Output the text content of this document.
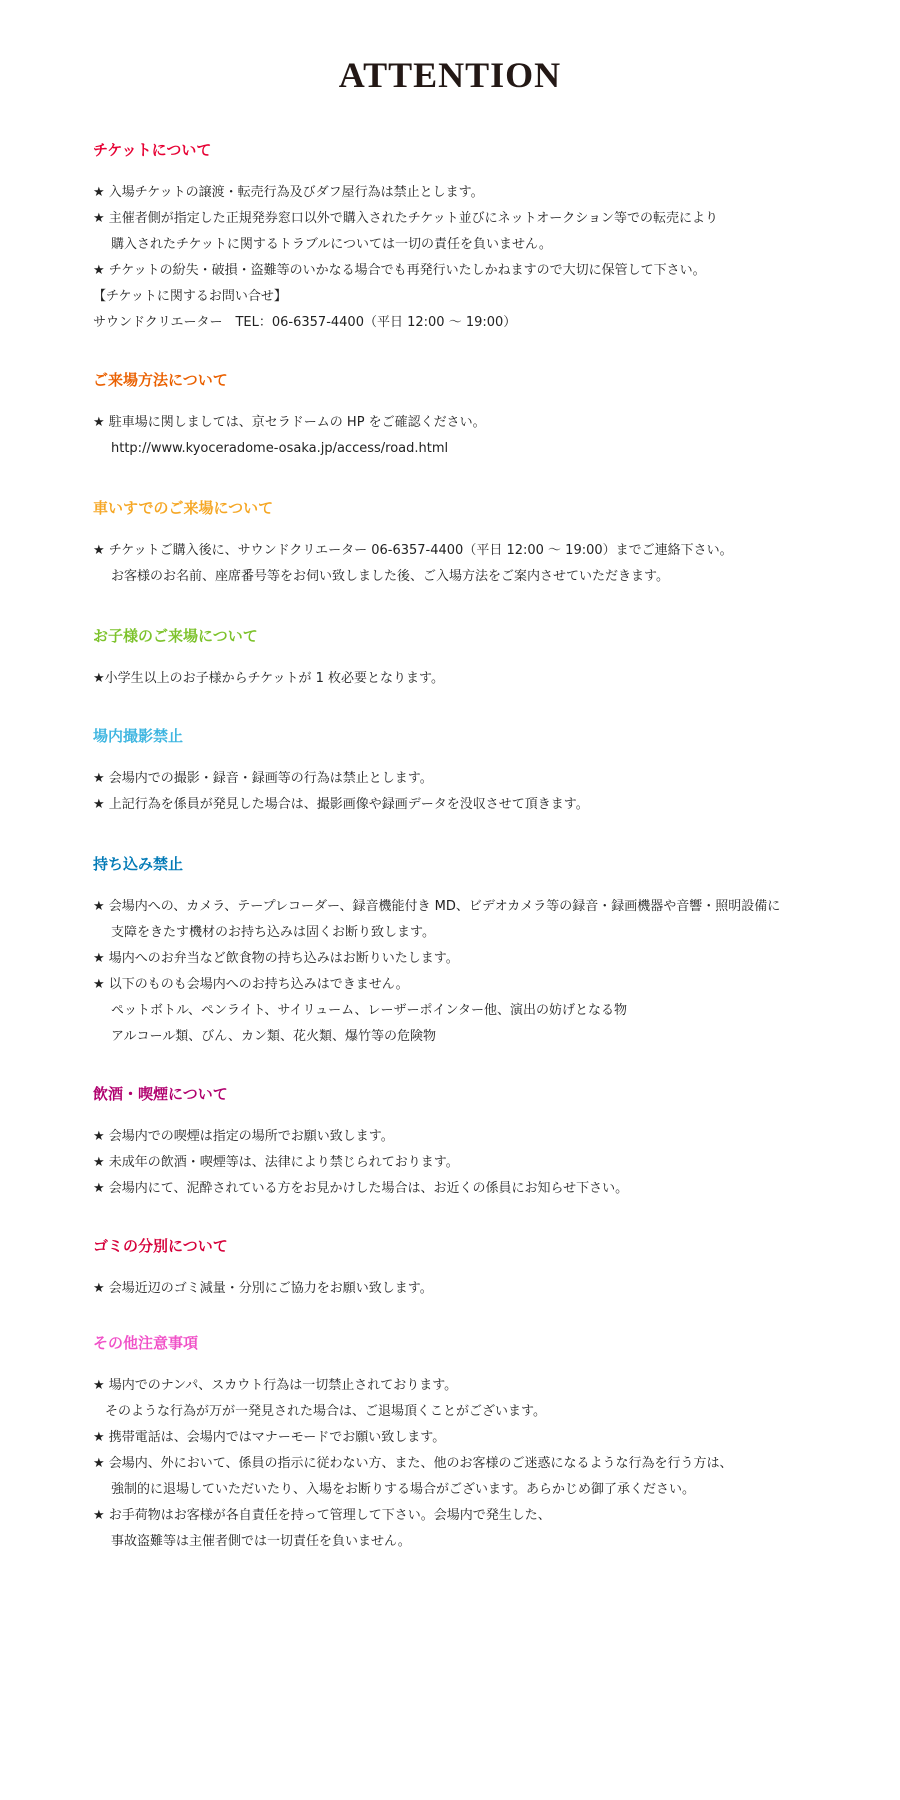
ATTENTION
チケットについて
★ 入場チケットの譲渡・転売行為及びダフ屋行為は禁止とします。
★ 主催者側が指定した正規発券窓口以外で購入されたチケット並びにネットオークション等での転売により
購入されたチケットに関するトラブルについては一切の責任を負いません。
★ チケットの紛失・破損・盗難等のいかなる場合でも再発行いたしかねますので大切に保管して下さい。
【チケットに関するお問い合せ】
サウンドクリエーター　TEL：06-6357-4400（平日 12:00 ～ 19:00）
ご来場方法について
★ 駐車場に関しましては、京セラドームの HP をご確認ください。
http://www.kyoceradome-osaka.jp/access/road.html
車いすでのご来場について
★ チケットご購入後に、サウンドクリエーター 06-6357-4400（平日 12:00 ～ 19:00）までご連絡下さい。
お客様のお名前、座席番号等をお伺い致しました後、ご入場方法をご案内させていただきます。
お子様のご来場について
★小学生以上のお子様からチケットが 1 枚必要となります。
場内撮影禁止
★ 会場内での撮影・録音・録画等の行為は禁止とします。
★ 上記行為を係員が発見した場合は、撮影画像や録画データを没収させて頂きます。
持ち込み禁止
★ 会場内への、カメラ、テープレコーダー、録音機能付き MD、ビデオカメラ等の録音・録画機器や音響・照明設備に
支障をきたす機材のお持ち込みは固くお断り致します。
★ 場内へのお弁当など飲食物の持ち込みはお断りいたします。
★ 以下のものも会場内へのお持ち込みはできません。
ペットボトル、ペンライト、サイリューム、レーザーポインター他、演出の妨げとなる物
アルコール類、びん、カン類、花火類、爆竹等の危険物
飲酒・喫煙について
★ 会場内での喫煙は指定の場所でお願い致します。
★ 未成年の飲酒・喫煙等は、法律により禁じられております。
★ 会場内にて、泥酔されている方をお見かけした場合は、お近くの係員にお知らせ下さい。
ゴミの分別について
★ 会場近辺のゴミ減量・分別にご協力をお願い致します。
その他注意事項
★ 場内でのナンパ、スカウト行為は一切禁止されております。
そのような行為が万が一発見された場合は、ご退場頂くことがございます。
★ 携帯電話は、会場内ではマナーモードでお願い致します。
★ 会場内、外において、係員の指示に従わない方、また、他のお客様のご迷惑になるような行為を行う方は、
強制的に退場していただいたり、入場をお断りする場合がございます。あらかじめ御了承ください。
★ お手荷物はお客様が各自責任を持って管理して下さい。会場内で発生した、
事故盗難等は主催者側では一切責任を負いません。
